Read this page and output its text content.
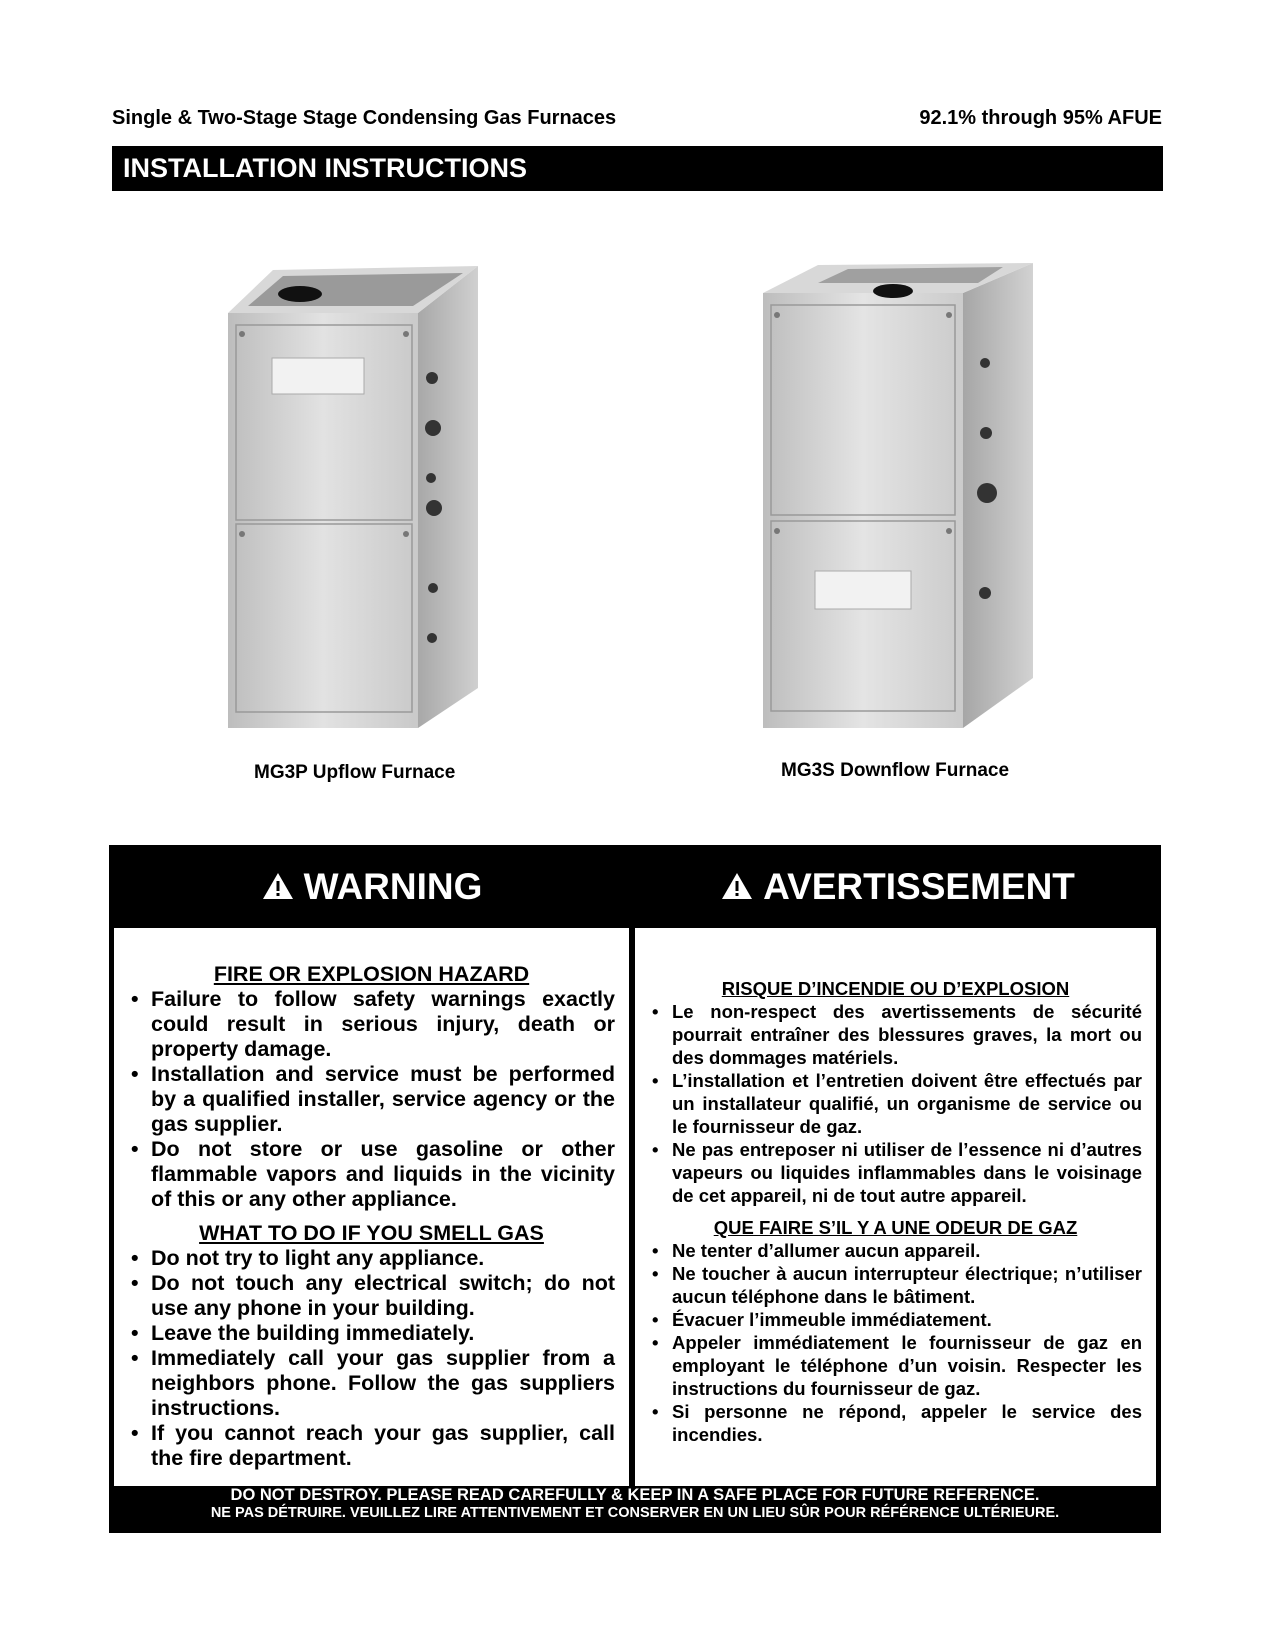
Single & Two-Stage Stage Condensing Gas Furnaces	92.1% through 95% AFUE
INSTALLATION INSTRUCTIONS
MG3P Upflow Furnace	MG3S Downflow Furnace
WARNING	AVERTISSEMENT
FIRE OR EXPLOSION HAZARD
• Failure to follow safety warnings exactly could result in serious injury, death or property damage.
• Installation and service must be performed by a qualified installer, service agency or the gas supplier.
• Do not store or use gasoline or other flammable vapors and liquids in the vicinity of this or any other appliance.
WHAT TO DO IF YOU SMELL GAS
• Do not try to light any appliance.
• Do not touch any electrical switch; do not use any phone in your building.
• Leave the building immediately.
• Immediately call your gas supplier from a neighbors phone. Follow the gas suppliers instructions.
• If you cannot reach your gas supplier, call the fire department.
RISQUE D’INCENDIE OU D’EXPLOSION
• Le non-respect des avertissements de sécurité pourrait entraîner des blessures graves, la mort ou des dommages matériels.
• L’installation et l’entretien doivent être effectués par un installateur qualifié, un organisme de service ou le fournisseur de gaz.
• Ne pas entreposer ni utiliser de l’essence ni d’autres vapeurs ou liquides inflammables dans le voisinage de cet appareil, ni de tout autre appareil.
QUE FAIRE S’IL Y A UNE ODEUR DE GAZ
• Ne tenter d’allumer aucun appareil.
• Ne toucher à aucun interrupteur électrique; n’utiliser aucun téléphone dans le bâtiment.
• Évacuer l’immeuble immédiatement.
• Appeler immédiatement le fournisseur de gaz en employant le téléphone d’un voisin. Respecter les instructions du fournisseur de gaz.
• Si personne ne répond, appeler le service des incendies.
DO NOT DESTROY. PLEASE READ CAREFULLY & KEEP IN A SAFE PLACE FOR FUTURE REFERENCE.
NE PAS DÉTRUIRE. VEUILLEZ LIRE ATTENTIVEMENT ET CONSERVER EN UN LIEU SÛR POUR RÉFÉRENCE ULTÉRIEURE.
